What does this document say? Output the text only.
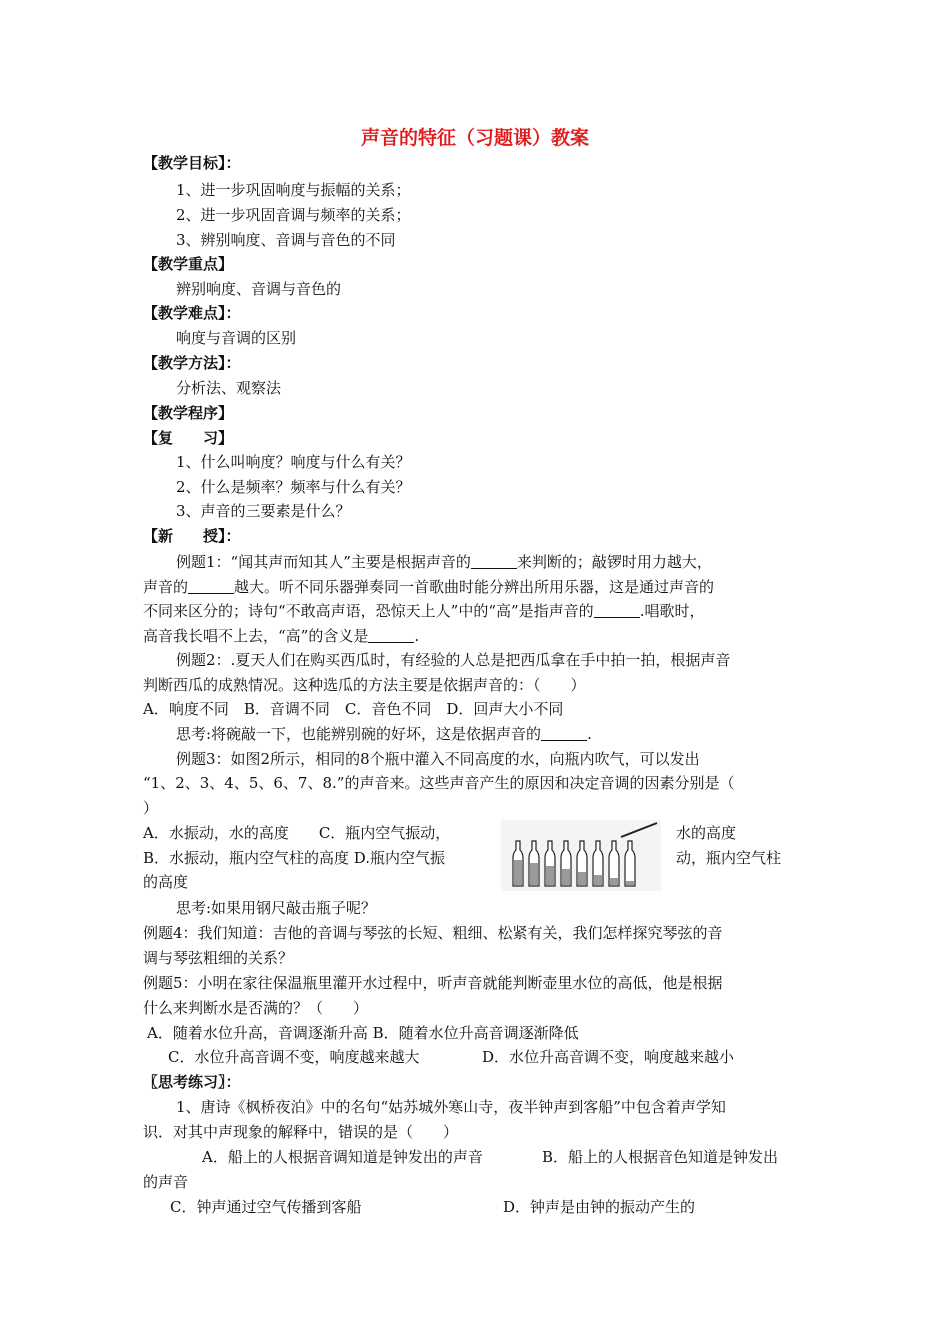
声音的特征（习题课）教案
【教学目标】：
1、进一步巩固响度与振幅的关系；
2、进一步巩固音调与频率的关系；
3、辨别响度、音调与音色的不同
【教学重点】
辨别响度、音调与音色的
【教学难点】：
响度与音调的区别
【教学方法】：
分析法、观察法
【教学程序】
【复　　习】
1、什么叫响度？响度与什么有关？
2、什么是频率？频率与什么有关？
3、声音的三要素是什么？
【新　　授】：
例题1：“闻其声而知其人”主要是根据声音的	来判断的；敲锣时用力越大，
声音的	越大。听不同乐器弹奏同一首歌曲时能分辨出所用乐器，这是通过声音的
不同来区分的；诗句“不敢高声语，恐惊天上人”中的“高”是指声音的	.唱歌时，
高音我长唱不上去，“高”的含义是	.
例题2：.夏天人们在购买西瓜时，有经验的人总是把西瓜拿在手中拍一拍，根据声音
判断西瓜的成熟情况。这种选瓜的方法主要是依据声音的：（　　）
A．响度不同　B．音调不同　C．音色不同　D．回声大小不同
思考:将碗敲一下，也能辨别碗的好坏，这是依据声音的	.
例题3：如图2所示，相同的8个瓶中灌入不同高度的水，向瓶内吹气，可以发出
“1、2、3、4、5、6、7、8.”的声音来。这些声音产生的原因和决定音调的因素分别是（
）
A．水振动，水的高度　　C．瓶内空气振动，	水的高度
B．水振动，瓶内空气柱的高度 D.瓶内空气振	动，瓶内空气柱
的高度
思考:如果用钢尺敲击瓶子呢？
例题4：我们知道：吉他的音调与琴弦的长短、粗细、松紧有关，我们怎样探究琴弦的音
调与琴弦粗细的关系？
例题5：小明在家往保温瓶里灌开水过程中，听声音就能判断壶里水位的高低，他是根据
什么来判断水是否满的？（　　）
A．随着水位升高，音调逐渐升高 B．随着水位升高音调逐渐降低
C．水位升高音调不变，响度越来越大	D．水位升高音调不变，响度越来越小
〖思考练习〗：
1、唐诗《枫桥夜泊》中的名句“姑苏城外寒山寺，夜半钟声到客船”中包含着声学知
识．对其中声现象的解释中，错误的是（　　）
A．船上的人根据音调知道是钟发出的声音	B．船上的人根据音色知道是钟发出
的声音
C．钟声通过空气传播到客船	D．钟声是由钟的振动产生的
